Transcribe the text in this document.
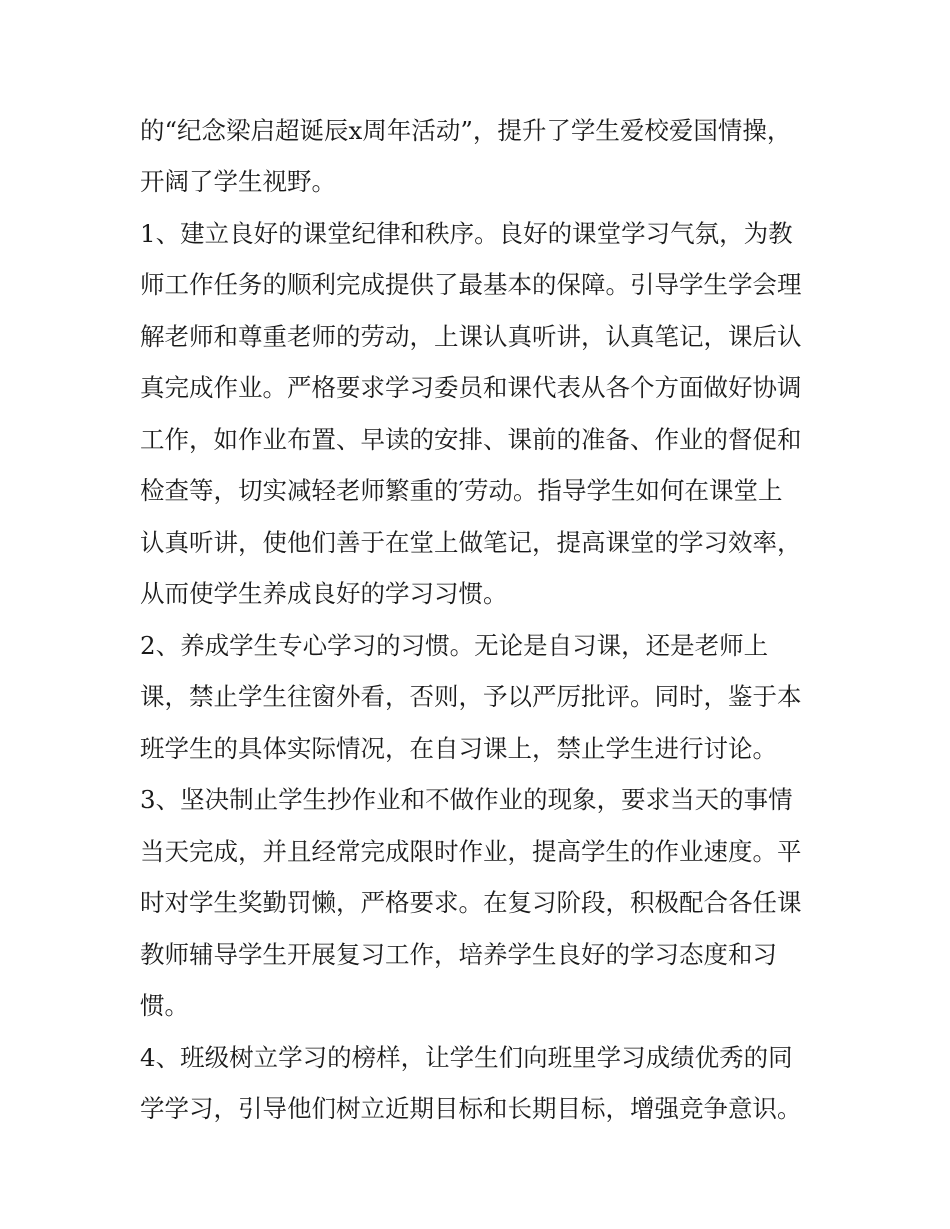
的“纪念梁启超诞辰x周年活动”，提升了学生爱校爱国情操，
开阔了学生视野。
1、建立良好的课堂纪律和秩序。良好的课堂学习气氛，为教
师工作任务的顺利完成提供了最基本的保障。引导学生学会理
解老师和尊重老师的劳动，上课认真听讲，认真笔记，课后认
真完成作业。严格要求学习委员和课代表从各个方面做好协调
工作，如作业布置、早读的安排、课前的准备、作业的督促和
检查等，切实减轻老师繁重的′劳动。指导学生如何在课堂上
认真听讲，使他们善于在堂上做笔记，提高课堂的学习效率，
从而使学生养成良好的学习习惯。
2、养成学生专心学习的习惯。无论是自习课，还是老师上
课，禁止学生往窗外看，否则，予以严厉批评。同时，鉴于本
班学生的具体实际情况，在自习课上，禁止学生进行讨论。
3、坚决制止学生抄作业和不做作业的现象，要求当天的事情
当天完成，并且经常完成限时作业，提高学生的作业速度。平
时对学生奖勤罚懒，严格要求。在复习阶段，积极配合各任课
教师辅导学生开展复习工作，培养学生良好的学习态度和习
惯。
4、班级树立学习的榜样，让学生们向班里学习成绩优秀的同
学学习，引导他们树立近期目标和长期目标，增强竞争意识。
